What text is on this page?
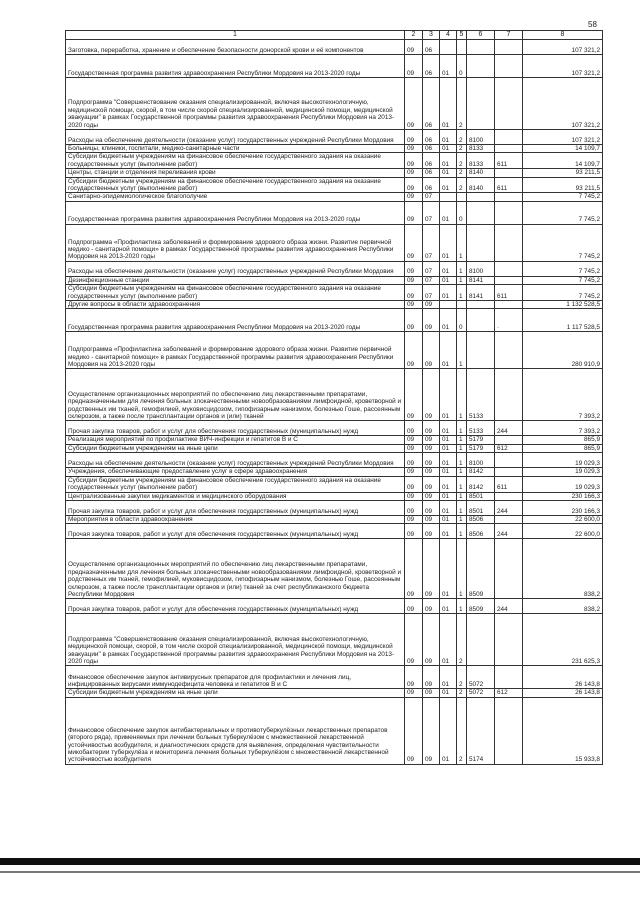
58
1	2	3	4	5	6	7	8
Заготовка, переработка, хранение и обеспечение безопасности донорской крови и её компонентов	09	06					107 321,2
Государственная программа развития здравоохранения Республики Мордовия на 2013-2020 годы	09	06	01	0			107 321,2
Подпрограмма "Совершенствование оказания специализированной, включая высокотехнологичную, медицинской помощи, скорой, в том числе скорой специализированной, медицинской помощи, медицинской эвакуации" в рамках Государственной программы развития здравоохранения Республики Мордовия на 2013-2020 годы	09	06	01	2			107 321,2
Расходы на обеспечение деятельности (оказание услуг) государственных учреждений Республики Мордовия	09	06	01	2	8100		107 321,2
Больницы, клиники, госпитали, медико-санитарные части	09	06	01	2	8133		14 109,7
Субсидии бюджетным учреждениям на финансовое обеспечение государственного задания на оказание государственных услуг (выполнение работ)	09	06	01	2	8133	611	14 109,7
Центры, станции и отделения переливания крови	09	06	01	2	8140		93 211,5
Субсидии бюджетным учреждениям на финансовое обеспечение государственного задания на оказание государственных услуг (выполнение работ)	09	06	01	2	8140	611	93 211,5
Санитарно-эпидемиологическое благополучие	09	07					7 745,2
Государственная программа развития здравоохранения Республики Мордовия на 2013-2020 годы	09	07	01	0			7 745,2
Подпрограмма «Профилактика заболеваний и формирование здорового образа жизни. Развитие первичной медико - санитарной помощи» в рамках Государственной программы развития здравоохранения Республики Мордовия на 2013-2020 годы	09	07	01	1			7 745,2
Расходы на обеспечение деятельности (оказание услуг) государственных учреждений Республики Мордовия	09	07	01	1	8100		7 745,2
Дезинфекционные станции	09	07	01	1	8141		7 745,2
Субсидии бюджетным учреждениям на финансовое обеспечение государственного задания на оказание государственных услуг (выполнение работ)	09	07	01	1	8141	611	7 745,2
Другие вопросы в области здравоохранения	09	09					1 132 528,5
Государственная программа развития здравоохранения Республики Мордовия на 2013-2020 годы	09	09	01	0		·	1 117 528,5
Подпрограмма «Профилактика заболеваний и формирование здорового образа жизни. Развитие первичной медико - санитарной помощи» в рамках Государственной программы развития здравоохранения Республики Мордовия на 2013-2020 годы	09	09	01	1			280 910,9
Осуществление организационных мероприятий по обеспечению лиц лекарственными препаратами, предназначенными для лечения больных злокачественными новообразованиями лимфоидной, кроветворной и родственных им тканей, гемофилией, муковисцидозом, гипофизарным нанизмом, болезнью Гоше, рассеянным склерозом, а также после трансплантации органов и (или) тканей	09	09	01	1	5133		7 393,2
Прочая закупка товаров, работ и услуг для обеспечения государственных (муниципальных) нужд	09	09	01	1	5133	244	7 393,2
Реализация мероприятий по профилактике ВИЧ-инфекции и гепатитов В и С	09	09	01	1	5179		865,9
Субсидии бюджетным учреждениям на иные цели	09	09	01	1	5179	612	865,9
Расходы на обеспечение деятельности (оказание услуг) государственных учреждений Республики Мордовия	09	09	01	1	8100		19 029,3
Учреждения, обеспечивающие предоставление услуг в сфере здравоохранения	09	09	01	1	8142		19 029,3
Субсидии бюджетным учреждениям на финансовое обеспечение государственного задания на оказание государственных услуг (выполнение работ)	09	09	01	1	8142	611	19 029,3
Централизованные закупки медикаментов и медицинского оборудования	09	09	01	1	8501		230 166,3
Прочая закупка товаров, работ и услуг для обеспечения государственных (муниципальных) нужд	09	09	01	1	8501	244	230 166,3
Мероприятия в области здравоохранения	09	09	01	1	8506		22 600,0
Прочая закупка товаров, работ и услуг для обеспечения государственных (муниципальных) нужд	09	09	01	1	8506	244	22 600,0
Осуществление организационных мероприятий по обеспечению лиц лекарственными препаратами, предназначенными для лечения больных злокачественными новообразованиями лимфоидной, кроветворной и родственных им тканей, гемофилией, муковисцидозом, гипофизарным нанизмом, болезнью Гоше, рассеянным склерозом, а также после трансплантации органов и (или) тканей за счет республиканского бюджета Республики Мордовия	09	09	01	1	8509		838,2
Прочая закупка товаров, работ и услуг для обеспечения государственных (муниципальных) нужд	09	09	01	1	8509	244	838,2
Подпрограмма "Совершенствование оказания специализированной, включая высокотехнологичную, медицинской помощи, скорой, в том числе скорой специализированной, медицинской помощи, медицинской эвакуации" в рамках Государственной программы развития здравоохранения Республики Мордовия на 2013-2020 годы	09	09	01	2			231 625,3
Финансовое обеспечение закупок антивирусных препаратов для профилактики и лечения лиц, инфицированных вирусами иммунодефицита человека и гепатитов В и С	09	09	01	2	5072		26 143,8
Субсидии бюджетным учреждениям на иные цели	09	09	01	2	5072	612	26 143,8
Финансовое обеспечение закупок антибактериальных и противотуберкулёзных лекарственных препаратов (второго ряда), применяемых при лечении больных туберкулёзом с множественной лекарственной устойчивостью возбудителя, и диагностических средств для выявления, определения чувствительности микобактерии туберкулёза и мониторинга лечения больных туберкулёзом с множественной лекарственной устойчивостью возбудителя	09	09	01	2	5174		15 933,8
